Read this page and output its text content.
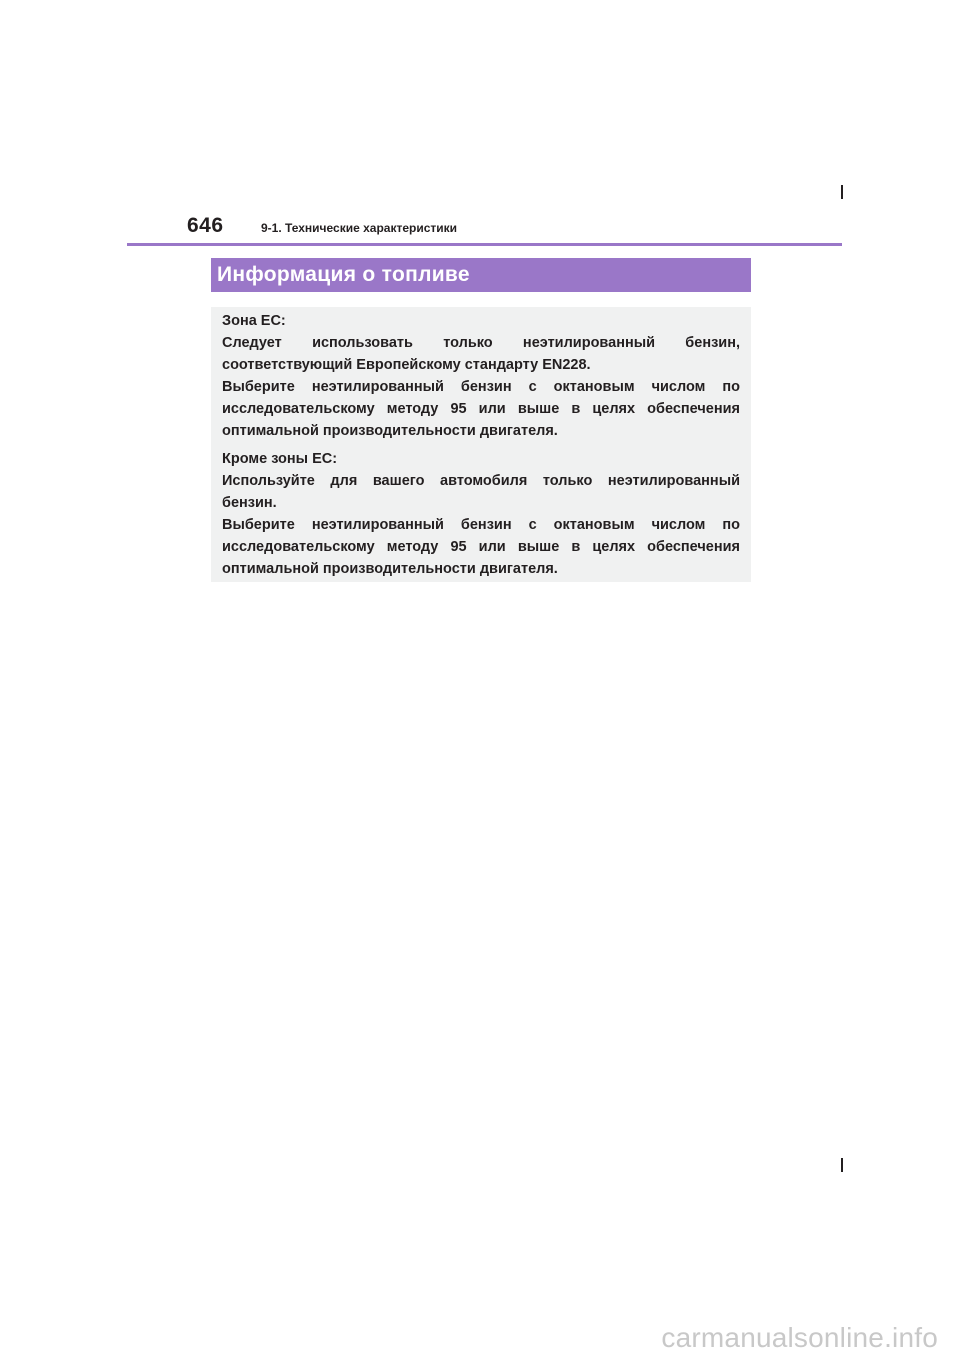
646	9-1. Технические характеристики
Информация о топливе

Зона ЕС:

Следует использовать только неэтилированный бензин, соответствующий Европейскому стандарту EN228.

Выберите неэтилированный бензин с октановым числом по исследовательскому методу 95 или выше в целях обеспечения оптимальной производительности двигателя.

Кроме зоны ЕС:

Используйте для вашего автомобиля только неэтилированный бензин.

Выберите неэтилированный бензин с октановым числом по исследовательскому методу 95 или выше в целях обеспечения оптимальной производительности двигателя.

carmanualsonline.info
